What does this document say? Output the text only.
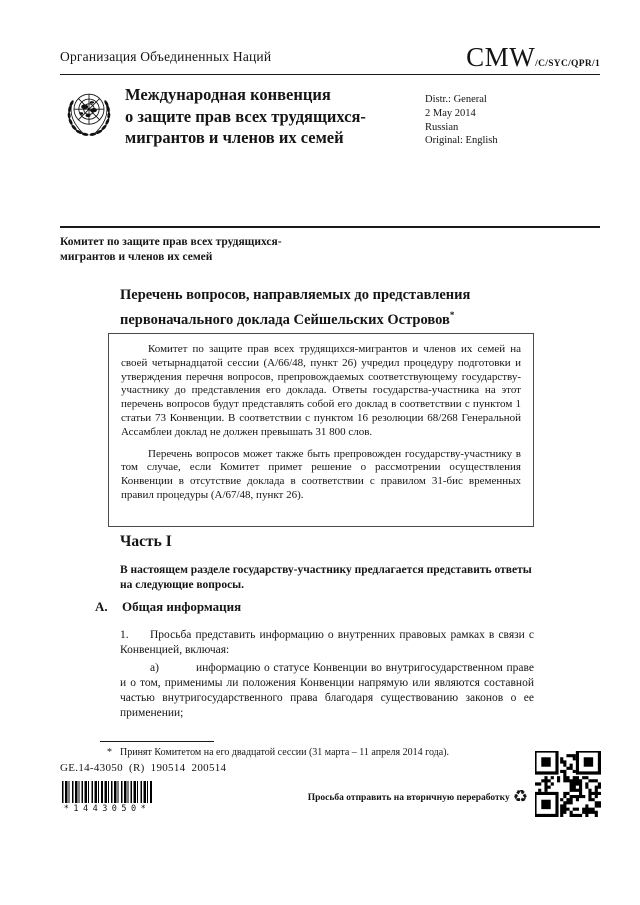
Организация Объединенных Наций	CMW /C/SYC/QPR/1
Международная конвенция
о защите прав всех трудящихся-
мигрантов и членов их семей
Distr.: General
2 May 2014
Russian
Original: English
Комитет по защите прав всех трудящихся-
мигрантов и членов их семей
Перечень вопросов, направляемых до представления первоначального доклада Сейшельских Островов*

Комитет по защите прав всех трудящихся-мигрантов и членов их семей на своей четырнадцатой сессии (A/66/48, пункт 26) учредил процедуру подготовки и утверждения перечня вопросов, препровождаемых соответствующему государству-участнику до представления его доклада. Ответы государства-участника на этот перечень вопросов будут представлять собой его доклад в соответствии с пунктом 1 статьи 73 Конвенции. В соответствии с пунктом 16 резолюции 68/268 Генеральной Ассамблеи доклад не должен превышать 31 800 слов.

Перечень вопросов может также быть препровожден государству-участнику в том случае, если Комитет примет решение о рассмотрении осуществления Конвенции в отсутствие доклада в соответствии с правилом 31-бис временных правил процедуры (A/67/48, пункт 26).

Часть I
В настоящем разделе государству-участнику предлагается представить ответы на следующие вопросы.
A.	Общая информация

1. Просьба представить информацию о внутренних правовых рамках в связи с Конвенцией, включая:

a)	информацию о статусе Конвенции во внутригосударственном праве и о том, применимы ли положения Конвенции напрямую или являются составной частью внутригосударственного права благодаря существованию законов о ее применении;

* Принят Комитетом на его двадцатой сессии (31 марта – 11 апреля 2014 года).
GE.14-43050  (R)  190514  200514
*1443050*
Просьба отправить на вторичную переработку ♻
